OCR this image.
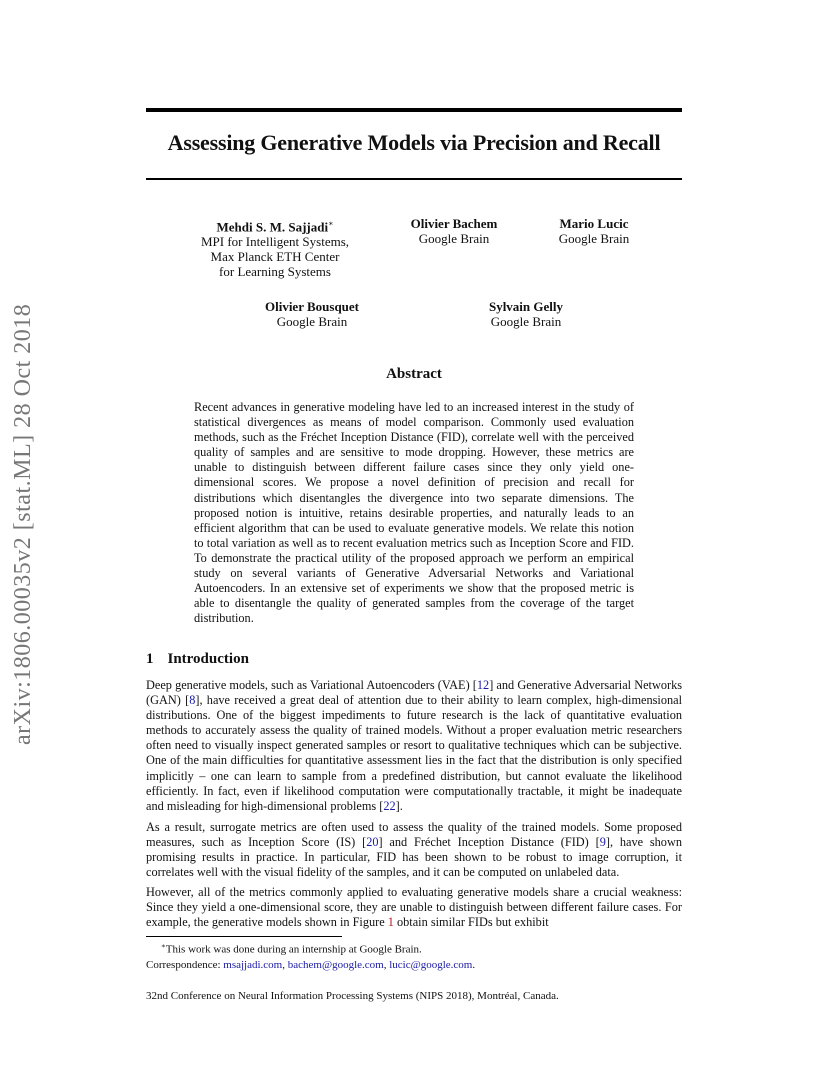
arXiv:1806.00035v2 [stat.ML] 28 Oct 2018
Assessing Generative Models via Precision and Recall
Mehdi S. M. Sajjadi∗
MPI for Intelligent Systems,
Max Planck ETH Center
for Learning Systems
Olivier Bachem
Google Brain
Mario Lucic
Google Brain
Olivier Bousquet
Google Brain
Sylvain Gelly
Google Brain
Abstract
Recent advances in generative modeling have led to an increased interest in the study of statistical divergences as means of model comparison. Commonly used evaluation methods, such as the Fréchet Inception Distance (FID), correlate well with the perceived quality of samples and are sensitive to mode dropping. However, these metrics are unable to distinguish between different failure cases since they only yield one-dimensional scores. We propose a novel definition of precision and recall for distributions which disentangles the divergence into two separate dimensions. The proposed notion is intuitive, retains desirable properties, and naturally leads to an efficient algorithm that can be used to evaluate generative models. We relate this notion to total variation as well as to recent evaluation metrics such as Inception Score and FID. To demonstrate the practical utility of the proposed approach we perform an empirical study on several variants of Generative Adversarial Networks and Variational Autoencoders. In an extensive set of experiments we show that the proposed metric is able to disentangle the quality of generated samples from the coverage of the target distribution.
1 Introduction

Deep generative models, such as Variational Autoencoders (VAE) [12] and Generative Adversarial Networks (GAN) [8], have received a great deal of attention due to their ability to learn complex, high-dimensional distributions. One of the biggest impediments to future research is the lack of quantitative evaluation methods to accurately assess the quality of trained models. Without a proper evaluation metric researchers often need to visually inspect generated samples or resort to qualitative techniques which can be subjective. One of the main difficulties for quantitative assessment lies in the fact that the distribution is only specified implicitly – one can learn to sample from a predefined distribution, but cannot evaluate the likelihood efficiently. In fact, even if likelihood computation were computationally tractable, it might be inadequate and misleading for high-dimensional problems [22].

As a result, surrogate metrics are often used to assess the quality of the trained models. Some proposed measures, such as Inception Score (IS) [20] and Fréchet Inception Distance (FID) [9], have shown promising results in practice. In particular, FID has been shown to be robust to image corruption, it correlates well with the visual fidelity of the samples, and it can be computed on unlabeled data.

However, all of the metrics commonly applied to evaluating generative models share a crucial weakness: Since they yield a one-dimensional score, they are unable to distinguish between different failure cases. For example, the generative models shown in Figure 1 obtain similar FIDs but exhibit

∗This work was done during an internship at Google Brain.
Correspondence: msajjadi.com, bachem@google.com, lucic@google.com.
32nd Conference on Neural Information Processing Systems (NIPS 2018), Montréal, Canada.
